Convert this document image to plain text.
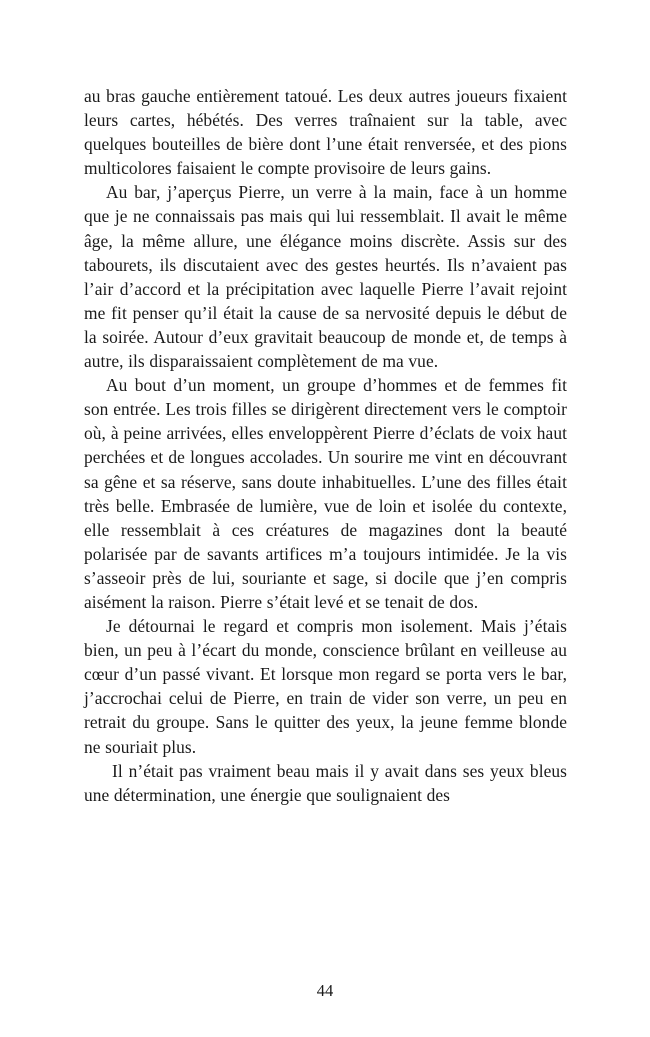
au bras gauche entièrement tatoué. Les deux autres joueurs fixaient leurs cartes, hébétés. Des verres traînaient sur la table, avec quelques bouteilles de bière dont l’une était renversée, et des pions multicolores faisaient le compte provisoire de leurs gains.

Au bar, j’aperçus Pierre, un verre à la main, face à un homme que je ne connaissais pas mais qui lui ressemblait. Il avait le même âge, la même allure, une élégance moins discrète. Assis sur des tabourets, ils discutaient avec des gestes heurtés. Ils n’avaient pas l’air d’accord et la précipitation avec laquelle Pierre l’avait rejoint me fit penser qu’il était la cause de sa nervosité depuis le début de la soirée. Autour d’eux gravitait beaucoup de monde et, de temps à autre, ils disparaissaient complètement de ma vue.

Au bout d’un moment, un groupe d’hommes et de femmes fit son entrée. Les trois filles se dirigèrent directement vers le comptoir où, à peine arrivées, elles enveloppèrent Pierre d’éclats de voix haut perchées et de longues accolades. Un sourire me vint en découvrant sa gêne et sa réserve, sans doute inhabituelles. L’une des filles était très belle. Embrasée de lumière, vue de loin et isolée du contexte, elle ressemblait à ces créatures de magazines dont la beauté polarisée par de savants artifices m’a toujours intimidée. Je la vis s’asseoir près de lui, souriante et sage, si docile que j’en compris aisément la raison. Pierre s’était levé et se tenait de dos.

Je détournai le regard et compris mon isolement. Mais j’étais bien, un peu à l’écart du monde, conscience brûlant en veilleuse au cœur d’un passé vivant. Et lorsque mon regard se porta vers le bar, j’accrochai celui de Pierre, en train de vider son verre, un peu en retrait du groupe. Sans le quitter des yeux, la jeune femme blonde ne souriait plus.

Il n’était pas vraiment beau mais il y avait dans ses yeux bleus une détermination, une énergie que soulignaient des

44
